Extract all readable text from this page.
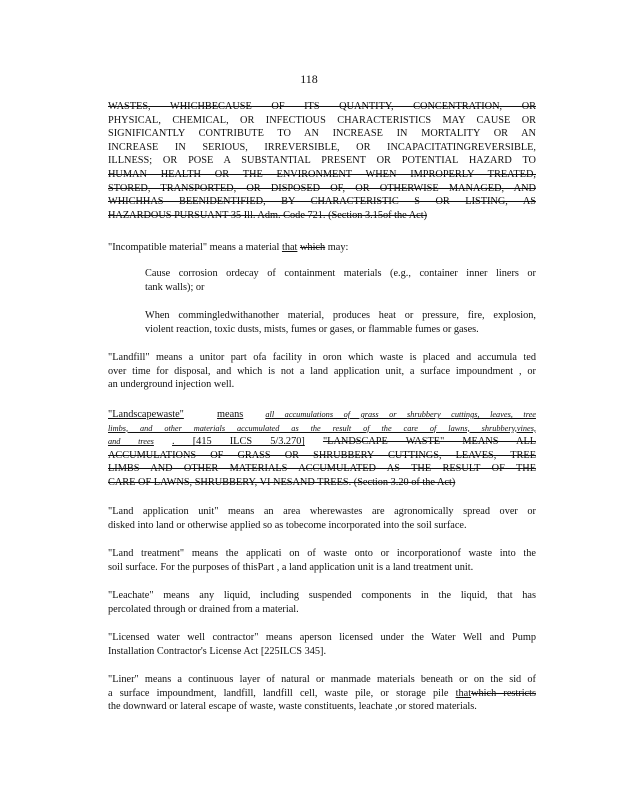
118
WASTES, WHICHBECAUSE OF ITS QUANTITY, CONCENTRATION, OR
PHYSICAL, CHEMICAL, OR INFECTIOUS CHARACTERISTICS MAY CAUSE OR
SIGNIFICANTLY CONTRIBUTE TO AN INCREASE IN MORTALITY OR AN
INCREASE IN SERIOUS, IRREVERSIBLE, OR INCAPACITATINGREVERSIBLE,
ILLNESS; OR POSE A SUBSTANTIAL PRESENT OR POTENTIAL HAZARD TO
HUMAN HEALTH OR THE ENVIRONMENT WHEN IMPROPERLY TREATED,
STORED, TRANSPORTED, OR DISPOSED OF, OR OTHERWISE MANAGED, AND
WHICHHAS BEENIDENTIFIED, BY CHARACTERISTIC S OR LISTING, AS
HAZARDOUS PURSUANT 35 Ill. Adm. Code 721. (Section 3.15of the Act)
"Incompatible material" means a material that which may:
Cause corrosion ordecay of containment materials (e.g., container inner liners or
tank walls); or
When commingledwithanother material, produces heat or pressure, fire, explosion,
violent reaction, toxic dusts, mists, fumes or gases, or flammable fumes or gases.
"Landfill" means a unitor part ofa facility in oron which waste is placed and accumula ted
over time for disposal, and which is not a land application unit, a surface impoundment , or
an underground injection well.
"Landscapewaste"	means	all accumulations of grass or shrubbery cuttings, leaves, tree
limbs, and other materials accumulated as the result of the care of lawns, shrubbery,vines,
and trees . [415 ILCS 5/3.270] "LANDSCAPE WASTE" MEANS ALL
ACCUMULATIONS OF GRASS OR SHRUBBERY CUTTINGS, LEAVES, TREE
LIMBS AND OTHER MATERIALS ACCUMULATED AS THE RESULT OF THE
CARE OF LAWNS, SHRUBBERY, VI NESAND TREES. (Section 3.20 of the Act)
"Land application unit" means an area wherewastes are agronomically spread over or
disked into land or otherwise applied so as tobecome incorporated into the soil surface.
"Land treatment" means the applicati on of waste onto or incorporationof waste into the
soil surface. For the purposes of thisPart , a land application unit is a land treatment unit.
"Leachate" means any liquid, including suspended components in the liquid, that has
percolated through or drained from a material.
"Licensed water well contractor" means aperson licensed under the Water Well and Pump
Installation Contractor's License Act [225ILCS 345].
"Liner" means a continuous layer of natural or manmade materials beneath or on the sid of
a surface impoundment, landfill, landfill cell, waste pile, or storage pile thatwhich restricts
the downward or lateral escape of waste, waste constituents, leachate ,or stored materials.
